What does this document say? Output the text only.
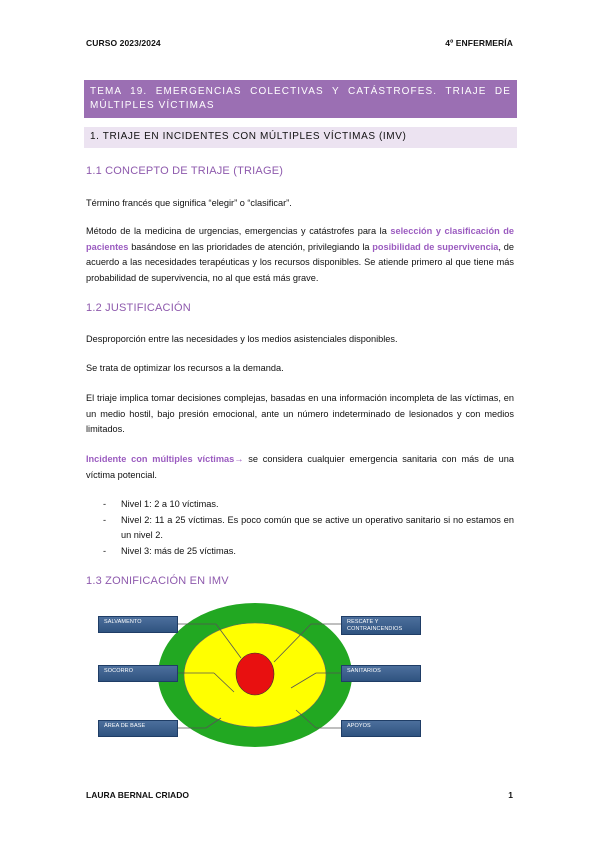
CURSO 2023/2024	4º ENFERMERÍA
TEMA 19. EMERGENCIAS COLECTIVAS Y CATÁSTROFES. TRIAJE DE MÚLTIPLES VÍCTIMAS
1. TRIAJE EN INCIDENTES CON MÚLTIPLES VÍCTIMAS (IMV)
1.1 CONCEPTO DE TRIAJE (TRIAGE)

Término francés que significa “elegir” o “clasificar”.

Método de la medicina de urgencias, emergencias y catástrofes para la selección y clasificación de pacientes basándose en las prioridades de atención, privilegiando la posibilidad de supervivencia, de acuerdo a las necesidades terapéuticas y los recursos disponibles. Se atiende primero al que tiene más probabilidad de supervivencia, no al que está más grave.

1.2 JUSTIFICACIÓN

Desproporción entre las necesidades y los medios asistenciales disponibles.

Se trata de optimizar los recursos a la demanda.

El triaje implica tomar decisiones complejas, basadas en una información incompleta de las víctimas, en un medio hostil, bajo presión emocional, ante un número indeterminado de lesionados y con medios limitados.

Incidente con múltiples víctimas→ se considera cualquier emergencia sanitaria con más de una víctima potencial.

- Nivel 1: 2 a 10 víctimas.
- Nivel 2: 11 a 25 víctimas. Es poco común que se active un operativo sanitario si no estamos en un nivel 2.
- Nivel 3: más de 25 víctimas.
1.3 ZONIFICACIÓN EN IMV
SALVAMENTO
SOCORRO
ÁREA DE BASE
RESCATE Y CONTRAINCENDIOS
SANITARIOS
APOYOS
LAURA BERNAL CRIADO	1
